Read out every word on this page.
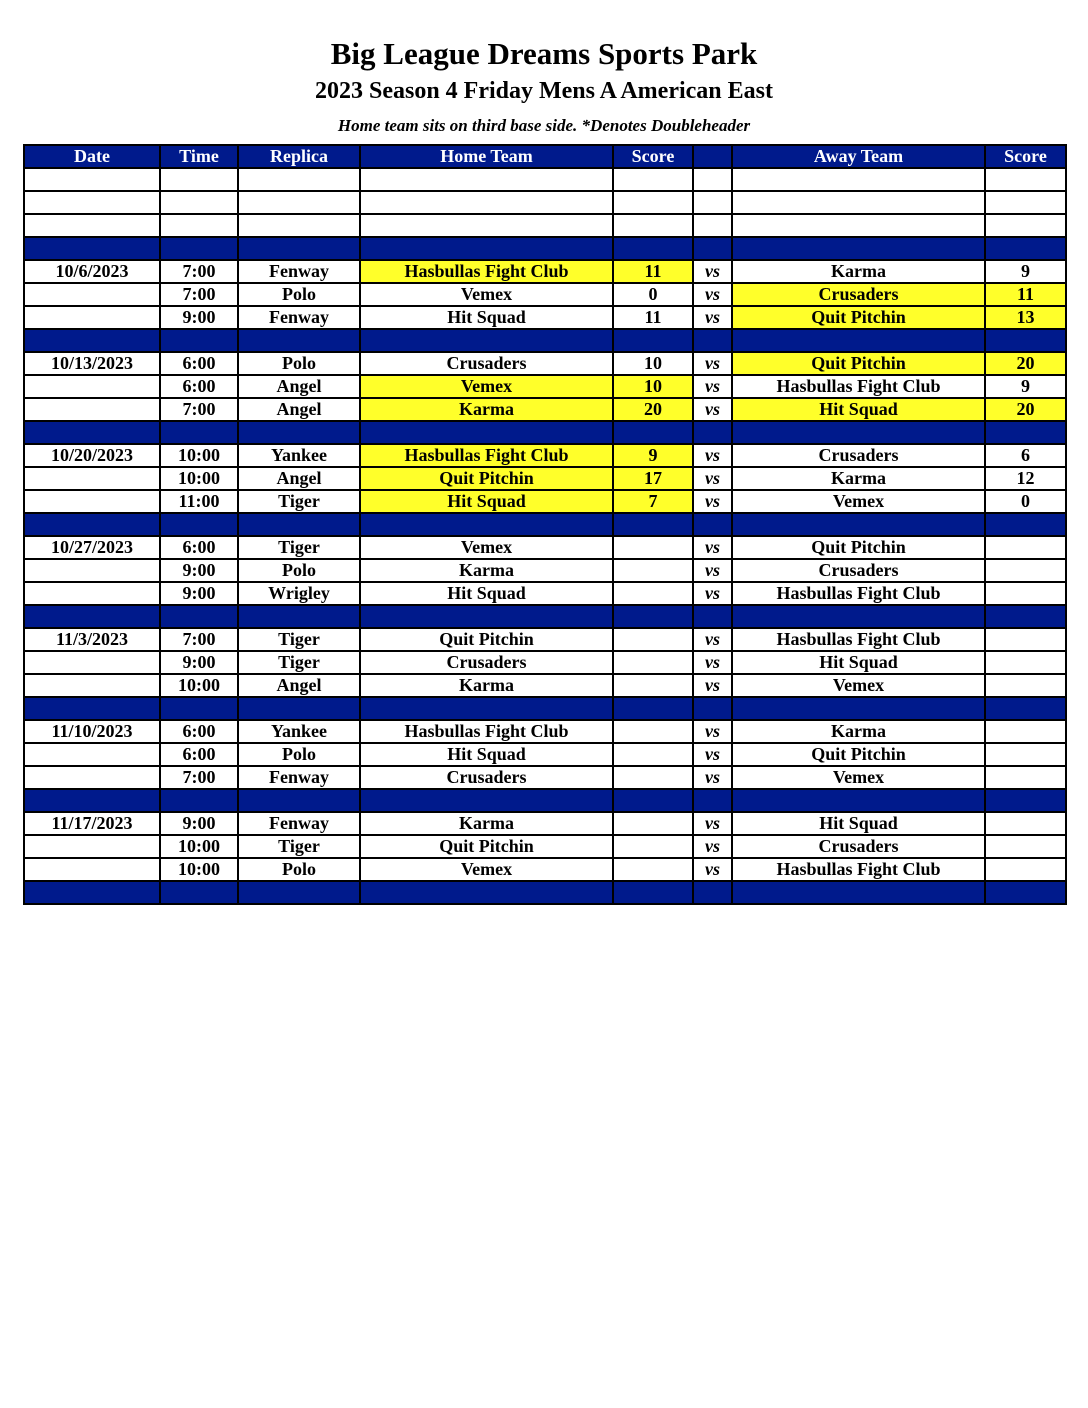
Big League Dreams Sports Park
2023 Season 4 Friday Mens A American East
Home team sits on third base side. *Denotes Doubleheader
Date	Time	Replica	Home Team	Score		Away Team	Score

10/6/2023	7:00	Fenway	Hasbullas Fight Club	11	vs	Karma	9
	7:00	Polo	Vemex	0	vs	Crusaders	11
	9:00	Fenway	Hit Squad	11	vs	Quit Pitchin	13

10/13/2023	6:00	Polo	Crusaders	10	vs	Quit Pitchin	20
	6:00	Angel	Vemex	10	vs	Hasbullas Fight Club	9
	7:00	Angel	Karma	20	vs	Hit Squad	20

10/20/2023	10:00	Yankee	Hasbullas Fight Club	9	vs	Crusaders	6
	10:00	Angel	Quit Pitchin	17	vs	Karma	12
	11:00	Tiger	Hit Squad	7	vs	Vemex	0

10/27/2023	6:00	Tiger	Vemex		vs	Quit Pitchin	
	9:00	Polo	Karma		vs	Crusaders	
	9:00	Wrigley	Hit Squad		vs	Hasbullas Fight Club	

11/3/2023	7:00	Tiger	Quit Pitchin		vs	Hasbullas Fight Club	
	9:00	Tiger	Crusaders		vs	Hit Squad	
	10:00	Angel	Karma		vs	Vemex	

11/10/2023	6:00	Yankee	Hasbullas Fight Club		vs	Karma	
	6:00	Polo	Hit Squad		vs	Quit Pitchin	
	7:00	Fenway	Crusaders		vs	Vemex	

11/17/2023	9:00	Fenway	Karma		vs	Hit Squad	
	10:00	Tiger	Quit Pitchin		vs	Crusaders	
	10:00	Polo	Vemex		vs	Hasbullas Fight Club	
